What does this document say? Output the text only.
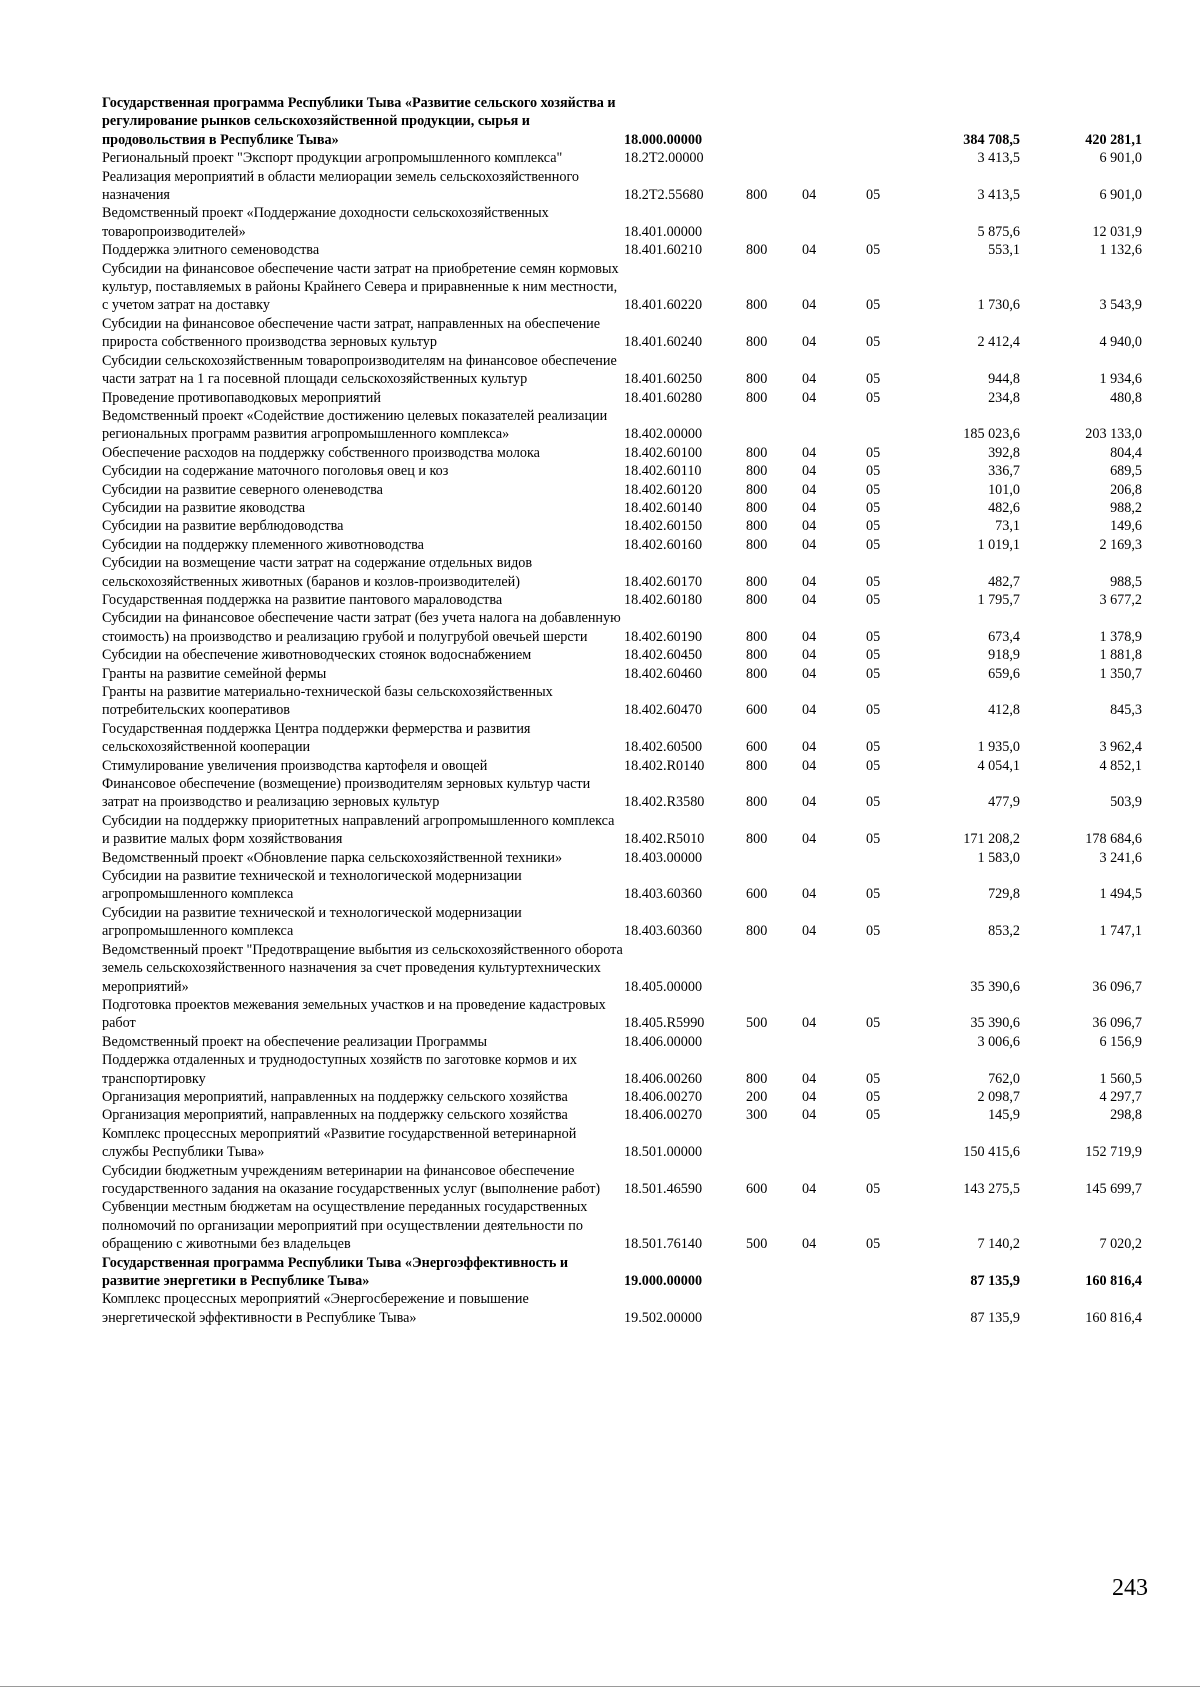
Государственная программа Республики Тыва «Развитие сельского хозяйства и регулирование рынков сельскохозяйственной продукции, сырья и продовольствия в Республике Тыва»	18.000.00000				384 708,5	420 281,1
Региональный проект "Экспорт продукции агропромышленного комплекса"	18.2Т2.00000				3 413,5	6 901,0
Реализация мероприятий в области мелиорации земель сельскохозяйственного назначения	18.2Т2.55680	800	04	05	3 413,5	6 901,0
Ведомственный проект «Поддержание доходности сельскохозяйственных товаропроизводителей»	18.401.00000				5 875,6	12 031,9
Поддержка элитного семеноводства	18.401.60210	800	04	05	553,1	1 132,6
Субсидии на финансовое обеспечение части затрат на приобретение семян кормовых культур, поставляемых в районы Крайнего Севера и приравненные к ним местности, с учетом затрат на доставку	18.401.60220	800	04	05	1 730,6	3 543,9
Субсидии на финансовое обеспечение части затрат, направленных на обеспечение прироста собственного производства зерновых культур	18.401.60240	800	04	05	2 412,4	4 940,0
Субсидии сельскохозяйственным товаропроизводителям на финансовое обеспечение части затрат на 1 га посевной площади сельскохозяйственных культур	18.401.60250	800	04	05	944,8	1 934,6
Проведение противопаводковых мероприятий	18.401.60280	800	04	05	234,8	480,8
Ведомственный проект «Содействие достижению целевых показателей реализации региональных программ развития агропромышленного комплекса»	18.402.00000				185 023,6	203 133,0
Обеспечение расходов на поддержку собственного производства молока	18.402.60100	800	04	05	392,8	804,4
Субсидии на содержание маточного поголовья овец и коз	18.402.60110	800	04	05	336,7	689,5
Субсидии на развитие северного оленеводства	18.402.60120	800	04	05	101,0	206,8
Субсидии на развитие яководства	18.402.60140	800	04	05	482,6	988,2
Субсидии на развитие верблюдоводства	18.402.60150	800	04	05	73,1	149,6
Субсидии на поддержку племенного животноводства	18.402.60160	800	04	05	1 019,1	2 169,3
Субсидии на возмещение части затрат на содержание отдельных видов сельскохозяйственных животных (баранов и козлов-производителей)	18.402.60170	800	04	05	482,7	988,5
Государственная поддержка на развитие пантового мараловодства	18.402.60180	800	04	05	1 795,7	3 677,2
Субсидии на финансовое обеспечение части затрат (без учета налога на добавленную стоимость) на производство и реализацию грубой и полугрубой овечьей шерсти	18.402.60190	800	04	05	673,4	1 378,9
Субсидии на обеспечение животноводческих стоянок водоснабжением	18.402.60450	800	04	05	918,9	1 881,8
Гранты на развитие семейной фермы	18.402.60460	800	04	05	659,6	1 350,7
Гранты на развитие материально-технической базы сельскохозяйственных потребительских кооперативов	18.402.60470	600	04	05	412,8	845,3
Государственная поддержка Центра поддержки фермерства и развития сельскохозяйственной кооперации	18.402.60500	600	04	05	1 935,0	3 962,4
Стимулирование увеличения производства картофеля и овощей	18.402.R0140	800	04	05	4 054,1	4 852,1
Финансовое обеспечение (возмещение) производителям зерновых культур части затрат на производство и реализацию зерновых культур	18.402.R3580	800	04	05	477,9	503,9
Субсидии на поддержку приоритетных направлений агропромышленного комплекса и развитие малых форм хозяйствования	18.402.R5010	800	04	05	171 208,2	178 684,6
Ведомственный проект «Обновление парка сельскохозяйственной техники»	18.403.00000				1 583,0	3 241,6
Субсидии на развитие технической и технологической модернизации агропромышленного комплекса	18.403.60360	600	04	05	729,8	1 494,5
Субсидии на развитие технической и технологической модернизации агропромышленного комплекса	18.403.60360	800	04	05	853,2	1 747,1
Ведомственный проект "Предотвращение выбытия из сельскохозяйственного оборота земель сельскохозяйственного назначения за счет проведения культуртехнических мероприятий»	18.405.00000				35 390,6	36 096,7
Подготовка проектов межевания земельных участков и на проведение кадастровых работ	18.405.R5990	500	04	05	35 390,6	36 096,7
Ведомственный проект на обеспечение реализации Программы	18.406.00000				3 006,6	6 156,9
Поддержка отдаленных и труднодоступных хозяйств по заготовке кормов и их транспортировку	18.406.00260	800	04	05	762,0	1 560,5
Организация мероприятий, направленных на поддержку сельского хозяйства	18.406.00270	200	04	05	2 098,7	4 297,7
Организация мероприятий, направленных на поддержку сельского хозяйства	18.406.00270	300	04	05	145,9	298,8
Комплекс процессных мероприятий «Развитие государственной ветеринарной службы Республики Тыва»	18.501.00000				150 415,6	152 719,9
Субсидии бюджетным учреждениям ветеринарии на финансовое обеспечение государственного задания на оказание государственных услуг (выполнение работ)	18.501.46590	600	04	05	143 275,5	145 699,7
Субвенции местным бюджетам на осуществление переданных государственных полномочий по организации мероприятий при осуществлении деятельности по обращению с животными без владельцев	18.501.76140	500	04	05	7 140,2	7 020,2
Государственная программа Республики Тыва «Энергоэффективность и развитие энергетики в Республике Тыва»	19.000.00000				87 135,9	160 816,4
Комплекс процессных мероприятий «Энергосбережение и повышение энергетической эффективности в Республике Тыва»	19.502.00000				87 135,9	160 816,4
243
